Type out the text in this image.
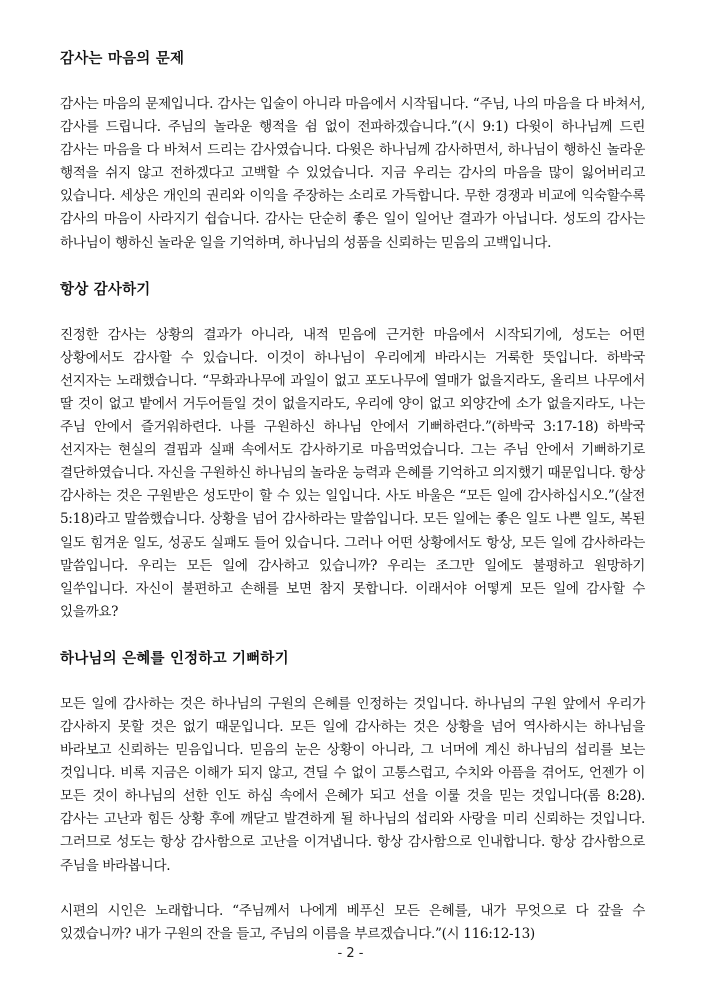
감사는 마음의 문제

감사는 마음의 문제입니다. 감사는 입술이 아니라 마음에서 시작됩니다. “주님, 나의 마음을 다 바쳐서, 감사를 드립니다. 주님의 놀라운 행적을 쉼 없이 전파하겠습니다.”(시 9:1) 다윗이 하나님께 드린 감사는 마음을 다 바쳐서 드리는 감사였습니다. 다윗은 하나님께 감사하면서, 하나님이 행하신 놀라운 행적을 쉬지 않고 전하겠다고 고백할 수 있었습니다. 지금 우리는 감사의 마음을 많이 잃어버리고 있습니다. 세상은 개인의 권리와 이익을 주장하는 소리로 가득합니다. 무한 경쟁과 비교에 익숙할수록 감사의 마음이 사라지기 쉽습니다. 감사는 단순히 좋은 일이 일어난 결과가 아닙니다. 성도의 감사는 하나님이 행하신 놀라운 일을 기억하며, 하나님의 성품을 신뢰하는 믿음의 고백입니다.

항상 감사하기

진정한 감사는 상황의 결과가 아니라, 내적 믿음에 근거한 마음에서 시작되기에, 성도는 어떤 상황에서도 감사할 수 있습니다. 이것이 하나님이 우리에게 바라시는 거룩한 뜻입니다. 하박국 선지자는 노래했습니다. “무화과나무에 과일이 없고 포도나무에 열매가 없을지라도, 올리브 나무에서 딸 것이 없고 밭에서 거두어들일 것이 없을지라도, 우리에 양이 없고 외양간에 소가 없을지라도, 나는 주님 안에서 즐거워하련다. 나를 구원하신 하나님 안에서 기뻐하련다.”(하박국 3:17-18) 하박국 선지자는 현실의 결핍과 실패 속에서도 감사하기로 마음먹었습니다. 그는 주님 안에서 기뻐하기로 결단하였습니다. 자신을 구원하신 하나님의 놀라운 능력과 은혜를 기억하고 의지했기 때문입니다. 항상 감사하는 것은 구원받은 성도만이 할 수 있는 일입니다. 사도 바울은 “모든 일에 감사하십시오.”(살전 5:18)라고 말씀했습니다. 상황을 넘어 감사하라는 말씀입니다. 모든 일에는 좋은 일도 나쁜 일도, 복된 일도 힘겨운 일도, 성공도 실패도 들어 있습니다. 그러나 어떤 상황에서도 항상, 모든 일에 감사하라는 말씀입니다. 우리는 모든 일에 감사하고 있습니까? 우리는 조그만 일에도 불평하고 원망하기 일쑤입니다. 자신이 불편하고 손해를 보면 참지 못합니다. 이래서야 어떻게 모든 일에 감사할 수 있을까요?

하나님의 은혜를 인정하고 기뻐하기

모든 일에 감사하는 것은 하나님의 구원의 은혜를 인정하는 것입니다. 하나님의 구원 앞에서 우리가 감사하지 못할 것은 없기 때문입니다. 모든 일에 감사하는 것은 상황을 넘어 역사하시는 하나님을 바라보고 신뢰하는 믿음입니다. 믿음의 눈은 상황이 아니라, 그 너머에 계신 하나님의 섭리를 보는 것입니다. 비록 지금은 이해가 되지 않고, 견딜 수 없이 고통스럽고, 수치와 아픔을 겪어도, 언젠가 이 모든 것이 하나님의 선한 인도 하심 속에서 은혜가 되고 선을 이룰 것을 믿는 것입니다(롬 8:28). 감사는 고난과 힘든 상황 후에 깨닫고 발견하게 될 하나님의 섭리와 사랑을 미리 신뢰하는 것입니다. 그러므로 성도는 항상 감사함으로 고난을 이겨냅니다. 항상 감사함으로 인내합니다. 항상 감사함으로 주님을 바라봅니다.

시편의 시인은 노래합니다. “주님께서 나에게 베푸신 모든 은혜를, 내가 무엇으로 다 갚을 수 있겠습니까? 내가 구원의 잔을 들고, 주님의 이름을 부르겠습니다.”(시 116:12-13)

- 2 -
